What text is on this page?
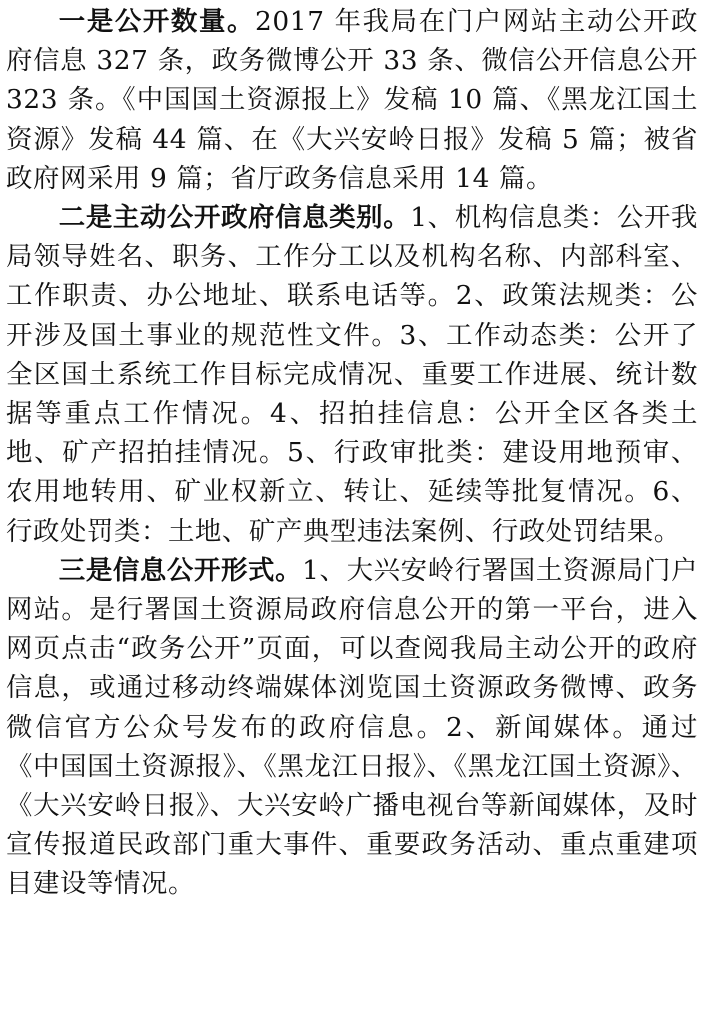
一是公开数量。2017 年我局在门户网站主动公开政府信息 327 条，政务微博公开 33 条、微信公开信息公开 323 条。《中国国土资源报上》发稿 10 篇、《黑龙江国土资源》发稿 44 篇、在《大兴安岭日报》发稿 5 篇；被省政府网采用 9 篇；省厅政务信息采用 14 篇。

二是主动公开政府信息类别。1、机构信息类：公开我局领导姓名、职务、工作分工以及机构名称、内部科室、工作职责、办公地址、联系电话等。2、政策法规类：公开涉及国土事业的规范性文件。3、工作动态类：公开了全区国土系统工作目标完成情况、重要工作进展、统计数据等重点工作情况。4、招拍挂信息：公开全区各类土地、矿产招拍挂情况。5、行政审批类：建设用地预审、农用地转用、矿业权新立、转让、延续等批复情况。6、行政处罚类：土地、矿产典型违法案例、行政处罚结果。

三是信息公开形式。1、大兴安岭行署国土资源局门户网站。是行署国土资源局政府信息公开的第一平台，进入网页点击“政务公开”页面，可以查阅我局主动公开的政府信息，或通过移动终端媒体浏览国土资源政务微博、政务微信官方公众号发布的政府信息。2、新闻媒体。通过《中国国土资源报》、《黑龙江日报》、《黑龙江国土资源》、《大兴安岭日报》、大兴安岭广播电视台等新闻媒体，及时宣传报道民政部门重大事件、重要政务活动、重点重建项目建设等情况。
